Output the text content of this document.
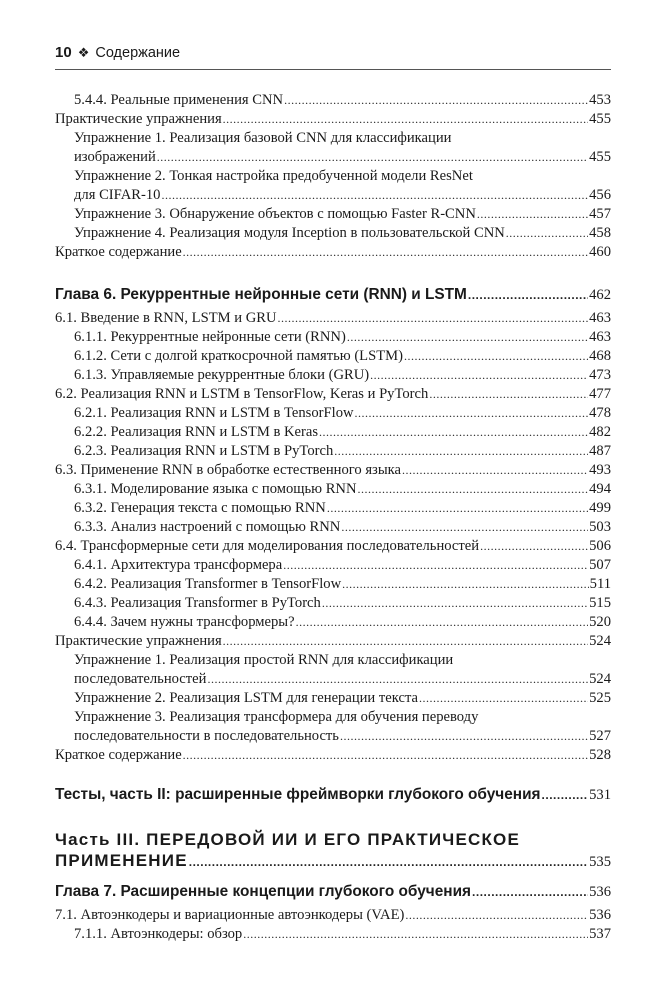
10 ❖ Содержание
5.4.4. Реальные применения CNN .....	453
Практические упражнения .....	455
Упражнение 1. Реализация базовой CNN для классификации
изображений .....	455
Упражнение 2. Тонкая настройка предобученной модели ResNet
для CIFAR-10 .....	456
Упражнение 3. Обнаружение объектов с помощью Faster R-CNN .....	457
Упражнение 4. Реализация модуля Inception в пользовательской CNN .....	458
Краткое содержание .....	460
Глава 6. Рекуррентные нейронные сети (RNN) и LSTM .....	462
6.1. Введение в RNN, LSTM и GRU .....	463
6.1.1. Рекуррентные нейронные сети (RNN) .....	463
6.1.2. Сети с долгой краткосрочной памятью (LSTM) .....	468
6.1.3. Управляемые рекуррентные блоки (GRU) .....	473
6.2. Реализация RNN и LSTM в TensorFlow, Keras и PyTorch .....	477
6.2.1. Реализация RNN и LSTM в TensorFlow .....	478
6.2.2. Реализация RNN и LSTM в Keras .....	482
6.2.3. Реализация RNN и LSTM в PyTorch .....	487
6.3. Применение RNN в обработке естественного языка .....	493
6.3.1. Моделирование языка с помощью RNN .....	494
6.3.2. Генерация текста с помощью RNN .....	499
6.3.3. Анализ настроений с помощью RNN .....	503
6.4. Трансформерные сети для моделирования последовательностей .....	506
6.4.1. Архитектура трансформера .....	507
6.4.2. Реализация Transformer в TensorFlow .....	511
6.4.3. Реализация Transformer в PyTorch .....	515
6.4.4. Зачем нужны трансформеры? .....	520
Практические упражнения .....	524
Упражнение 1. Реализация простой RNN для классификации
последовательностей .....	524
Упражнение 2. Реализация LSTM для генерации текста .....	525
Упражнение 3. Реализация трансформера для обучения переводу
последовательности в последовательность .....	527
Краткое содержание .....	528
Тесты, часть II: расширенные фреймворки глубокого обучения .....	531
Часть III. ПЕРЕДОВОЙ ИИ И ЕГО ПРАКТИЧЕСКОЕ
ПРИМЕНЕНИЕ .....	535
Глава 7. Расширенные концепции глубокого обучения .....	536
7.1. Автоэнкодеры и вариационные автоэнкодеры (VAE) .....	536
7.1.1. Автоэнкодеры: обзор .....	537
